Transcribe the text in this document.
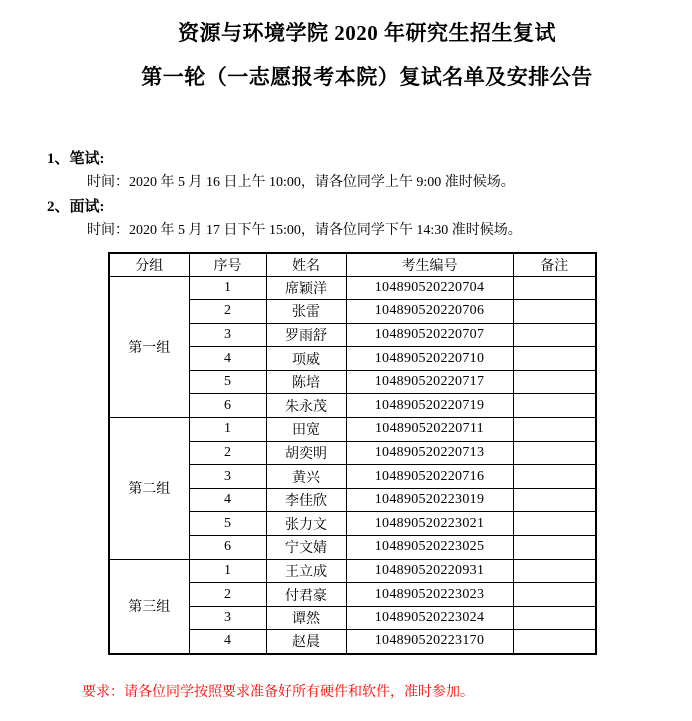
资源与环境学院 2020 年研究生招生复试
第一轮（一志愿报考本院）复试名单及安排公告
1、笔试:
时间：2020 年 5 月 16 日上午 10:00，请各位同学上午 9:00 准时候场。
2、面试:
时间：2020 年 5 月 17 日下午 15:00，请各位同学下午 14:30 准时候场。
分组	序号	姓名	考生编号	备注
第一组	1	席颖洋	104890520220704	
	2	张雷	104890520220706	
	3	罗雨舒	104890520220707	
	4	项威	104890520220710	
	5	陈培	104890520220717	
	6	朱永茂	104890520220719	
第二组	1	田宽	104890520220711	
	2	胡奕明	104890520220713	
	3	黄兴	104890520220716	
	4	李佳欣	104890520223019	
	5	张力文	104890520223021	
	6	宁文婧	104890520223025	
第三组	1	王立成	104890520220931	
	2	付君豪	104890520223023	
	3	谭然	104890520223024	
	4	赵晨	104890520223170	
要求：请各位同学按照要求准备好所有硬件和软件，准时参加。
